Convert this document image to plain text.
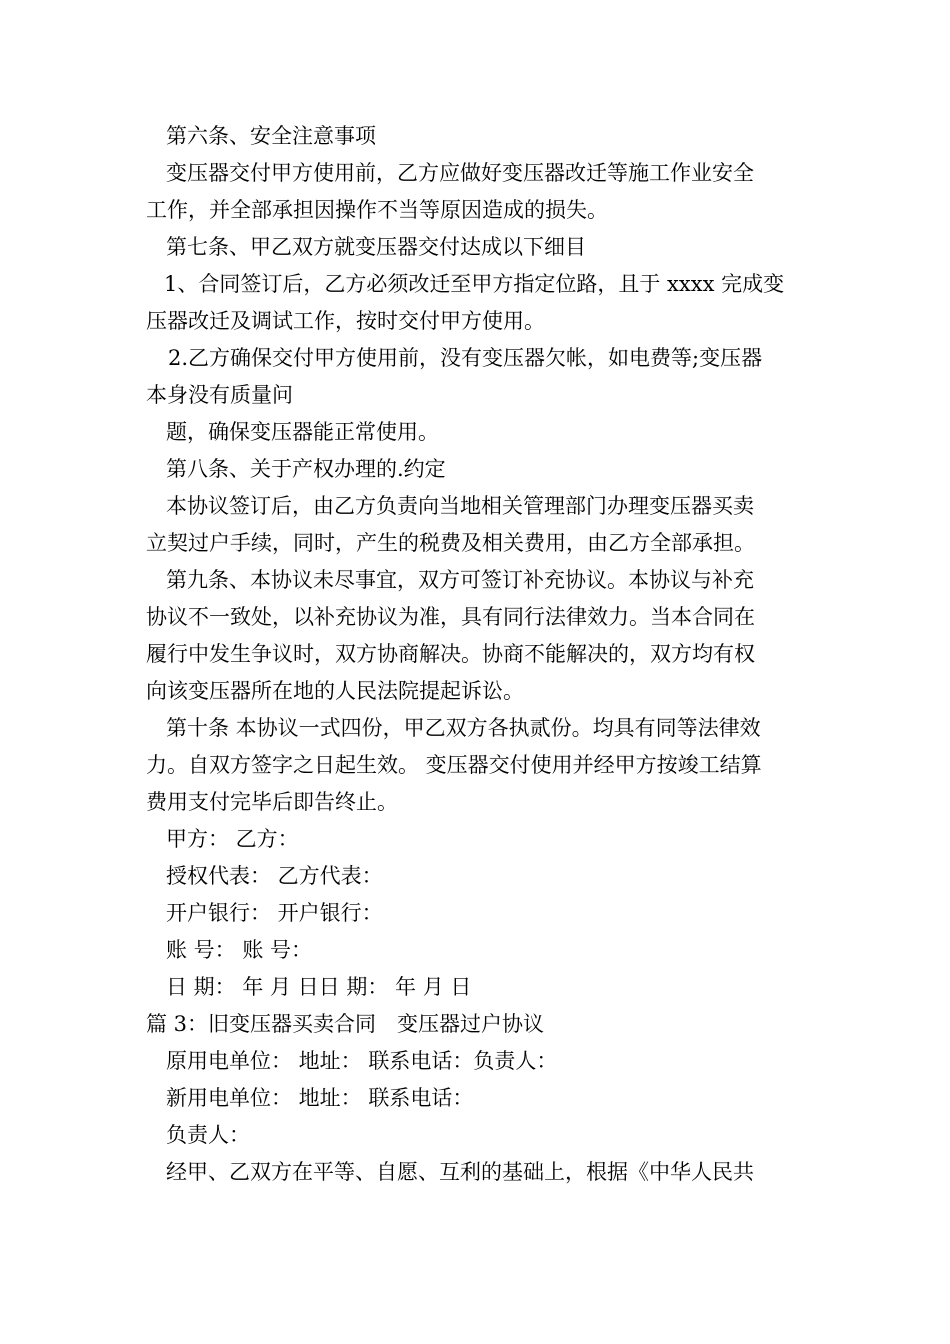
第六条、安全注意事项
变压器交付甲方使用前，乙方应做好变压器改迁等施工作业安全
工作，并全部承担因操作不当等原因造成的损失。
第七条、甲乙双方就变压器交付达成以下细目
1、合同签订后，乙方必须改迁至甲方指定位路，且于 xxxx 完成变
压器改迁及调试工作，按时交付甲方使用。
2.乙方确保交付甲方使用前，没有变压器欠帐，如电费等;变压器
本身没有质量问
题，确保变压器能正常使用。
第八条、关于产权办理的.约定
本协议签订后，由乙方负责向当地相关管理部门办理变压器买卖
立契过户手续，同时，产生的税费及相关费用，由乙方全部承担。
第九条、本协议未尽事宜，双方可签订补充协议。本协议与补充
协议不一致处，以补充协议为准，具有同行法律效力。当本合同在
履行中发生争议时，双方协商解决。协商不能解决的，双方均有权
向该变压器所在地的人民法院提起诉讼。
第十条 本协议一式四份，甲乙双方各执贰份。均具有同等法律效
力。自双方签字之日起生效。 变压器交付使用并经甲方按竣工结算
费用支付完毕后即告终止。
甲方： 乙方：
授权代表： 乙方代表：
开户银行： 开户银行：
账 号： 账 号：
日 期： 年 月 日日 期： 年 月 日
篇 3：旧变压器买卖合同　变压器过户协议
原用电单位： 地址： 联系电话：负责人：
新用电单位： 地址： 联系电话：
负责人：
经甲、乙双方在平等、自愿、互利的基础上，根据《中华人民共
